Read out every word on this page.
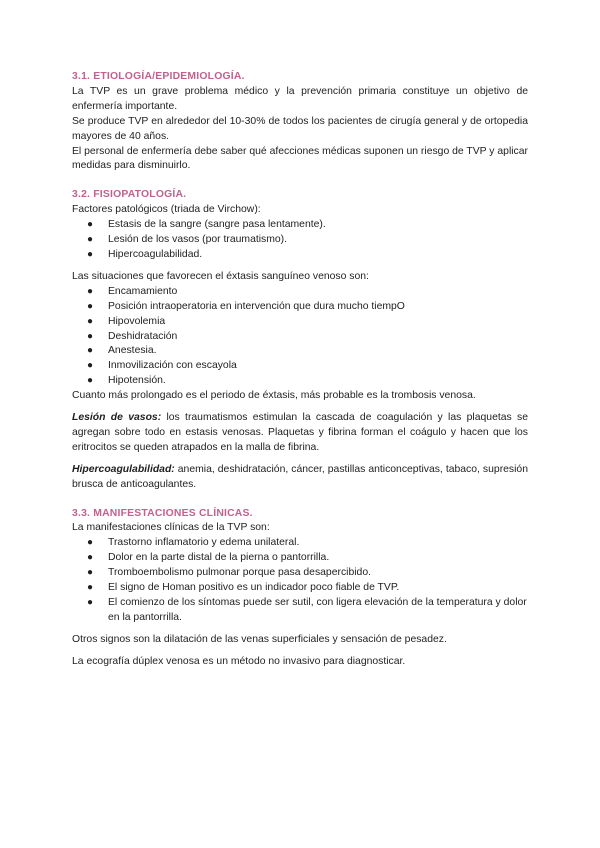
3.1. ETIOLOGÍA/EPIDEMIOLOGÍA.

La TVP es un grave problema médico y la prevención primaria constituye un objetivo de enfermería importante.

Se produce TVP en alrededor del 10-30% de todos los pacientes de cirugía general y de ortopedia mayores de 40 años.

El personal de enfermería debe saber qué afecciones médicas suponen un riesgo de TVP y aplicar medidas para disminuirlo.

3.2. FISIOPATOLOGÍA.

Factores patológicos (triada de Virchow):

● Estasis de la sangre (sangre pasa lentamente).
● Lesión de los vasos (por traumatismo).
● Hipercoagulabilidad.

Las situaciones que favorecen el éxtasis sanguíneo venoso son:

● Encamamiento
● Posición intraoperatoria en intervención que dura mucho tiempO
● Hipovolemia
● Deshidratación
● Anestesia.
● Inmovilización con escayola
● Hipotensión.

Cuanto más prolongado es el periodo de éxtasis, más probable es la trombosis venosa.

Lesión de vasos: los traumatismos estimulan la cascada de coagulación y las plaquetas se agregan sobre todo en estasis venosas. Plaquetas y fibrina forman el coágulo y hacen que los eritrocitos se queden atrapados en la malla de fibrina.

Hipercoagulabilidad: anemia, deshidratación, cáncer, pastillas anticonceptivas, tabaco, supresión brusca de anticoagulantes.

3.3. MANIFESTACIONES CLÍNICAS.

La manifestaciones clínicas de la TVP son:

● Trastorno inflamatorio y edema unilateral.
● Dolor en la parte distal de la pierna o pantorrilla.
● Tromboembolismo pulmonar porque pasa desapercibido.
● El signo de Homan positivo es un indicador poco fiable de TVP.
● El comienzo de los síntomas puede ser sutil, con ligera elevación de la temperatura y dolor en la pantorrilla.

Otros signos son la dilatación de las venas superficiales y sensación de pesadez.

La ecografía dúplex venosa es un método no invasivo para diagnosticar.
